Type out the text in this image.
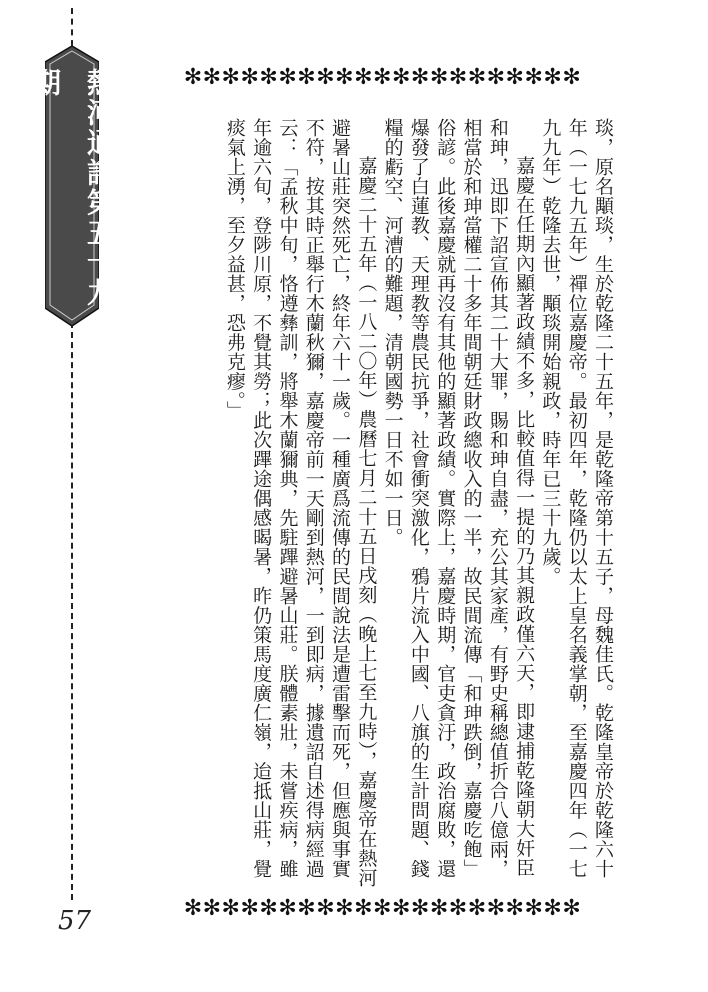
熱河通訊第五十九期	✻✻✻✻✻✻✻✻✻✻✻✻✻✻✻✻✻✻✻✻✻

琰，原名顒琰，生於乾隆二十五年，是乾隆帝第十五子，母魏佳氏。乾隆皇帝於乾隆六十年（一七九五年）禪位嘉慶帝。最初四年，乾隆仍以太上皇名義掌朝，至嘉慶四年（一七九九年）乾隆去世，顒琰開始親政，時年已三十九歲。

嘉慶在任期內顯著政績不多，比較值得一提的乃其親政僅六天，即逮捕乾隆朝大奸臣和珅，迅即下詔宣佈其二十大罪，賜和珅自盡，充公其家產，有野史稱總值折合八億兩，相當於和珅當權二十多年間朝廷財政總收入的一半，故民間流傳「和珅跌倒，嘉慶吃飽」俗諺。此後嘉慶就再沒有其他的顯著政績。實際上，嘉慶時期，官吏貪汙，政治腐敗，還爆發了白蓮教、天理教等農民抗爭，社會衝突激化，鴉片流入中國、八旗的生計問題、錢糧的虧空、河漕的難題，清朝國勢一日不如一日。

嘉慶二十五年（一八二〇年）農曆七月二十五日戌刻（晚上七至九時），嘉慶帝在熱河避暑山莊突然死亡，終年六十一歲。一種廣爲流傳的民間說法是遭雷擊而死，但應與事實不符，按其時正舉行木蘭秋獮，嘉慶帝前一天剛到熱河，一到即病，據遺詔自述得病經過云：「孟秋中旬，恪遵彝訓，將舉木蘭獮典，先駐蹕避暑山莊。朕體素壯，未嘗疾病，雖年逾六旬，登陟川原，不覺其勞；此次蹕途偶感暍暑，昨仍策馬度廣仁嶺，迨抵山莊，覺痰氣上湧，至夕益甚，恐弗克瘳。」

✻✻✻✻✻✻✻✻✻✻✻✻✻✻✻✻✻✻✻✻✻
57
